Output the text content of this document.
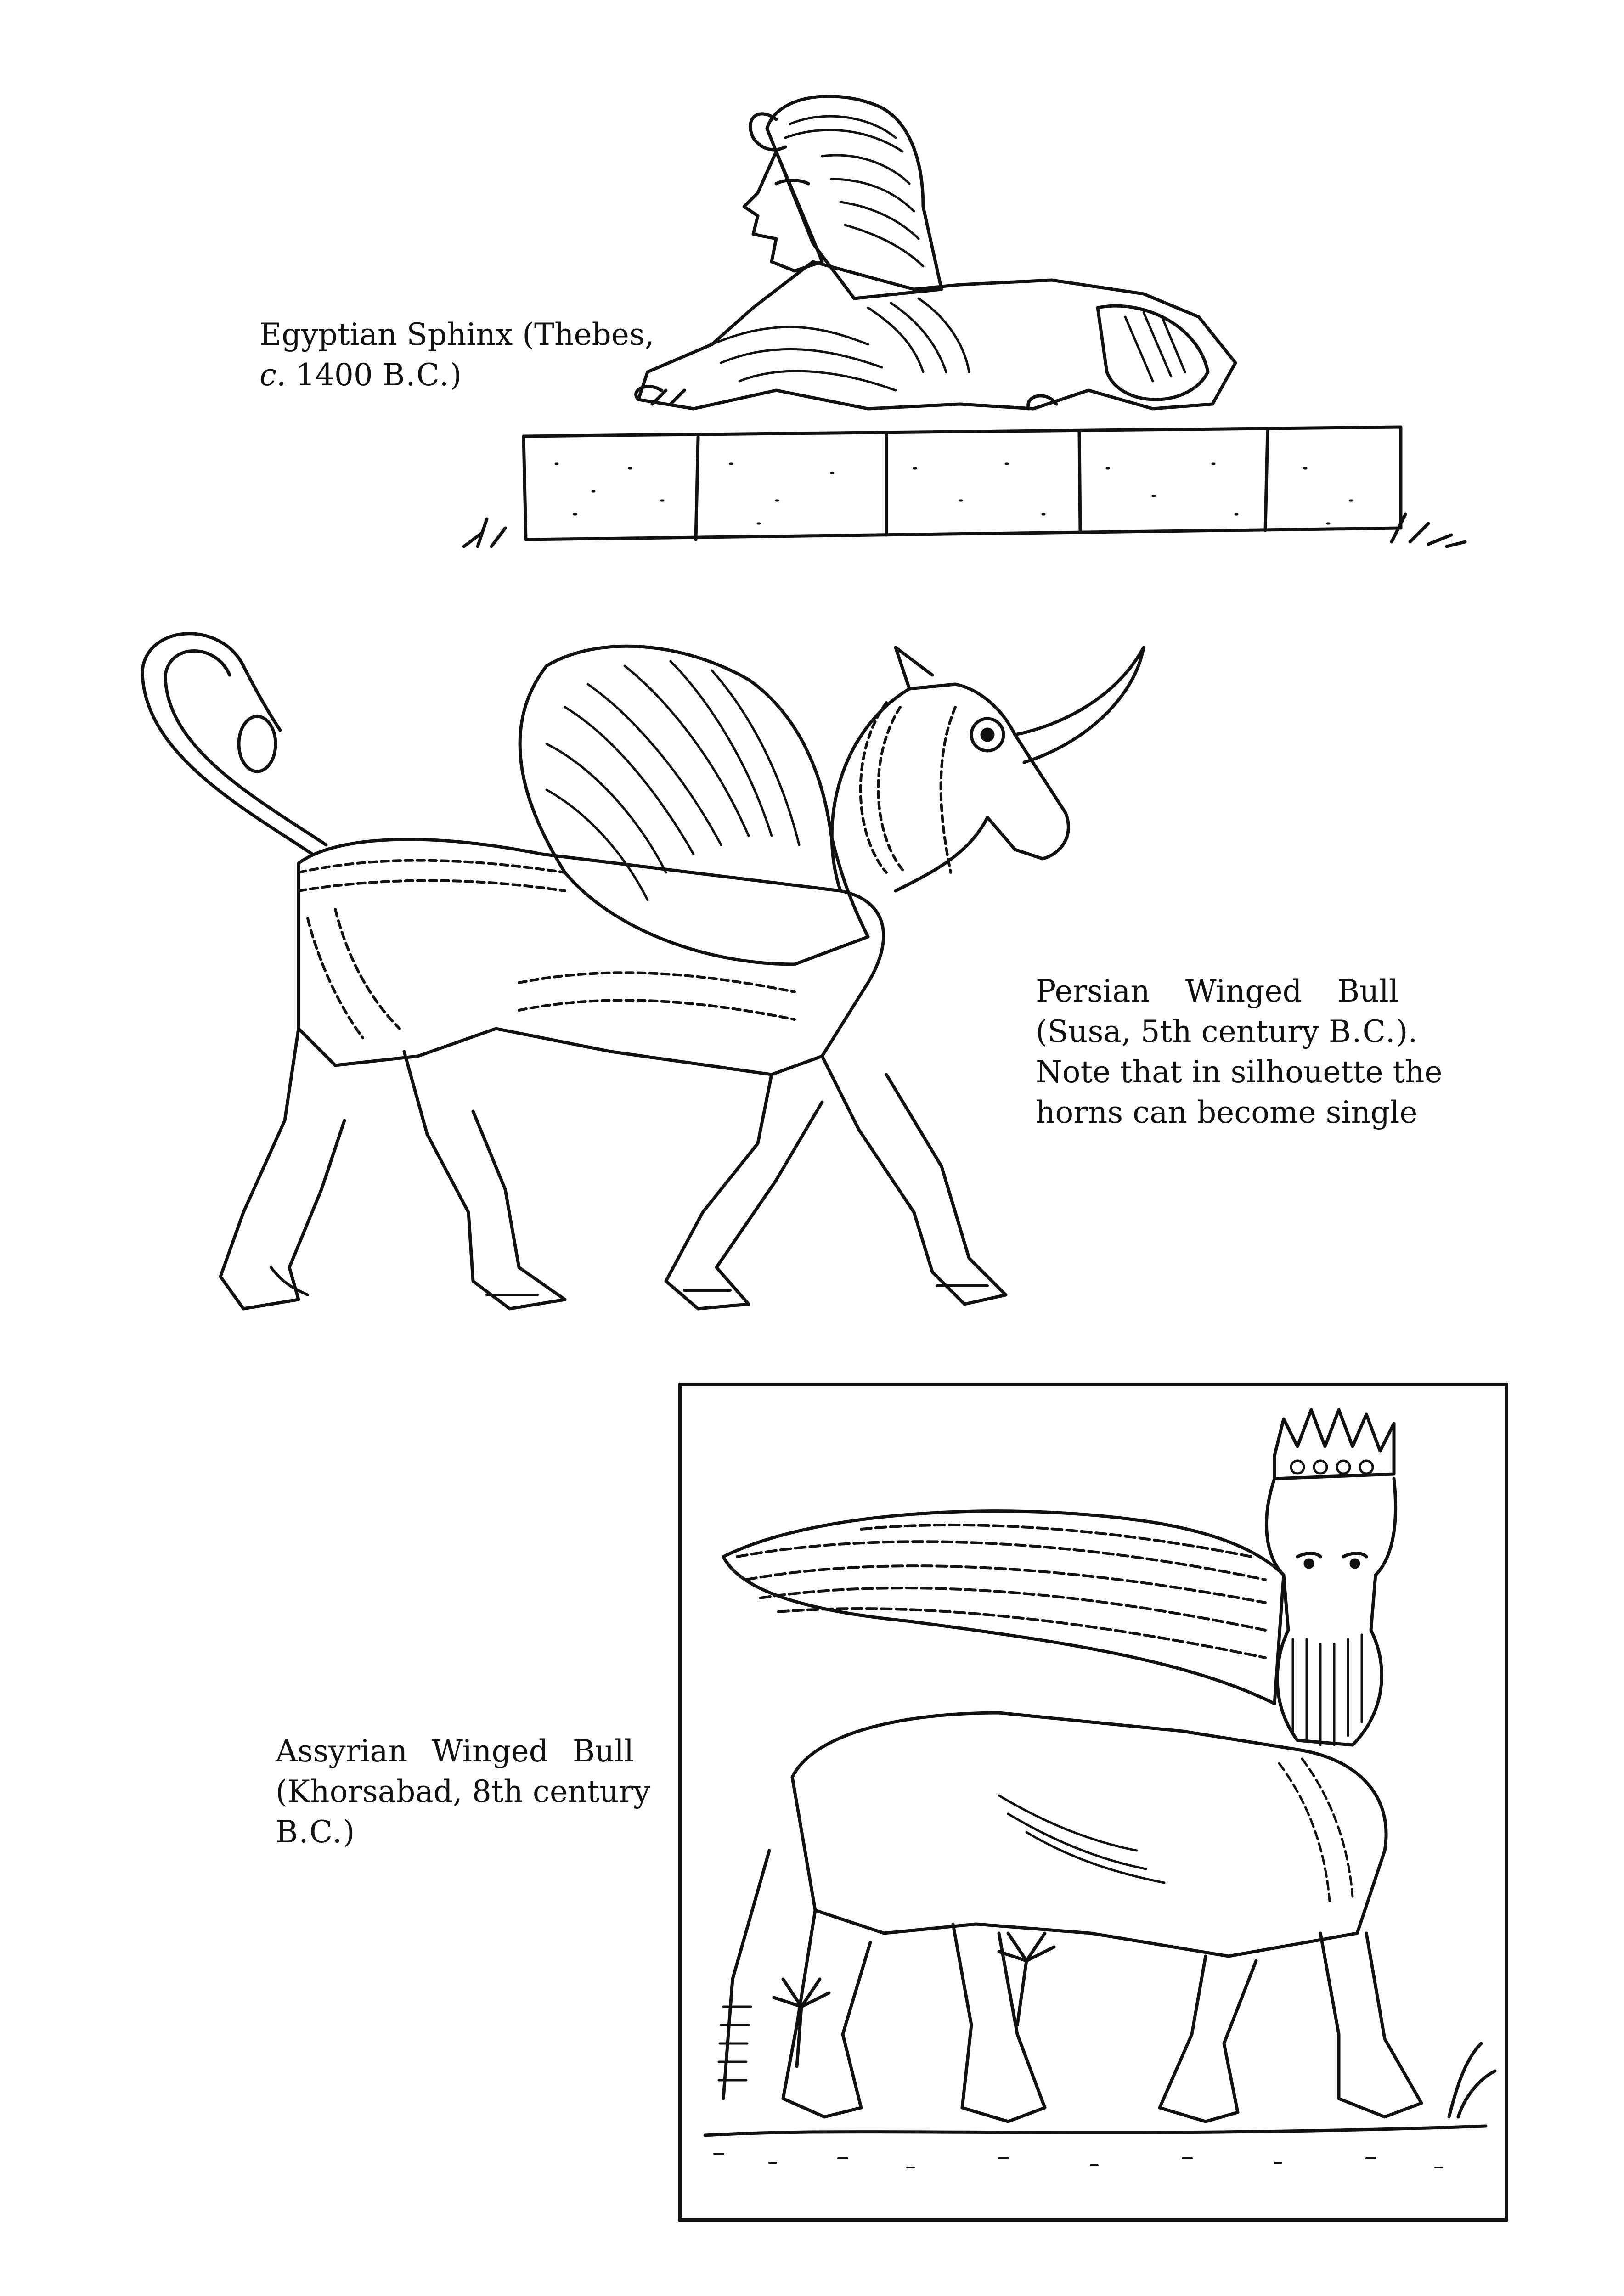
Egyptian Sphinx (Thebes,
c. 1400 B.C.)
Persian Winged Bull
(Susa, 5th century B.C.).
Note that in silhouette the
horns can become single
Assyrian Winged Bull
(Khorsabad, 8th century
B.C.)
